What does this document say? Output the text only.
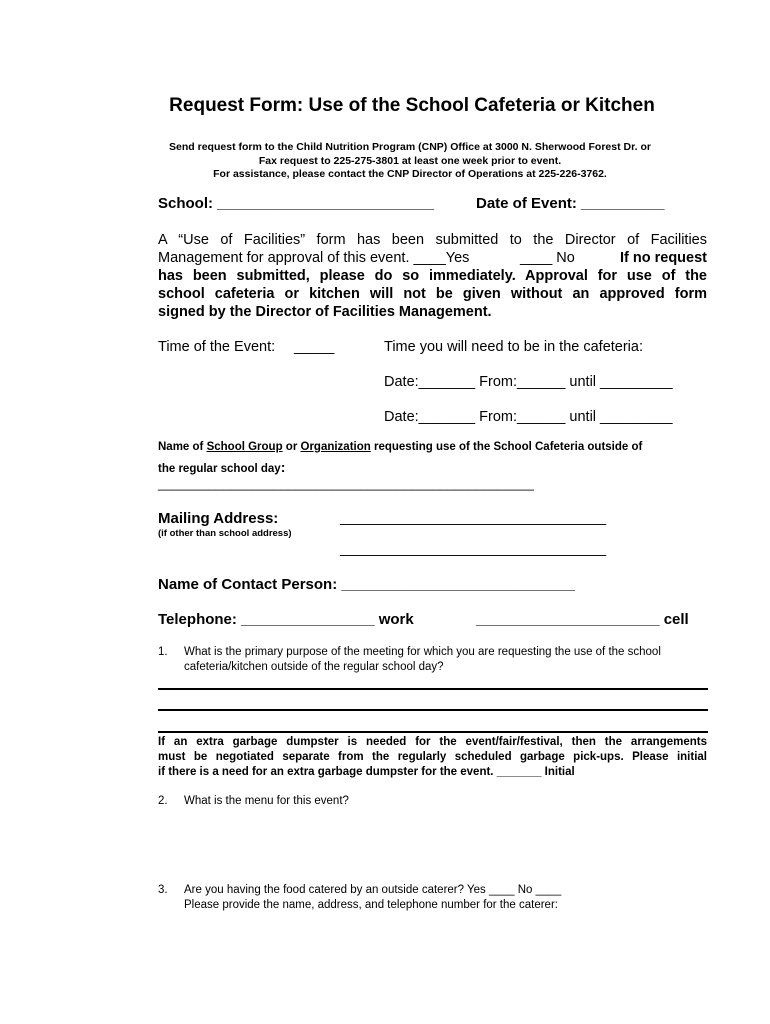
Request Form: Use of the School Cafeteria or Kitchen
Send request form to the Child Nutrition Program (CNP) Office at 3000 N. Sherwood Forest Dr. or
Fax request to 225-275-3801 at least one week prior to event.
For assistance, please contact the CNP Director of Operations at 225-226-3762.
School: __________________________	Date of Event: __________
A “Use of Facilities” form has been submitted to the Director of Facilities
Management for approval of this event. ____Yes	____ No	If no request
has been submitted, please do so immediately. Approval for use of the
school cafeteria or kitchen will not be given without an approved form
signed by the Director of Facilities Management.
Time of the Event: _____	Time you will need to be in the cafeteria:
Date:_______ From:______ until _________
Date:_______ From:______ until _________
Name of School Group or Organization requesting use of the School Cafeteria outside of
the regular school day:
____________________________________________________
Mailing Address:
(if other than school address)
_________________________________
_________________________________
Name of Contact Person: ____________________________
Telephone: ________________ work	______________________ cell
1. What is the primary purpose of the meeting for which you are requesting the use of the school cafeteria/kitchen outside of the regular school day?
If an extra garbage dumpster is needed for the event/fair/festival, then the arrangements
must be negotiated separate from the regularly scheduled garbage pick-ups. Please initial
if there is a need for an extra garbage dumpster for the event. _______ Initial
2. What is the menu for this event?
3. Are you having the food catered by an outside caterer? Yes ____ No ____
Please provide the name, address, and telephone number for the caterer:
